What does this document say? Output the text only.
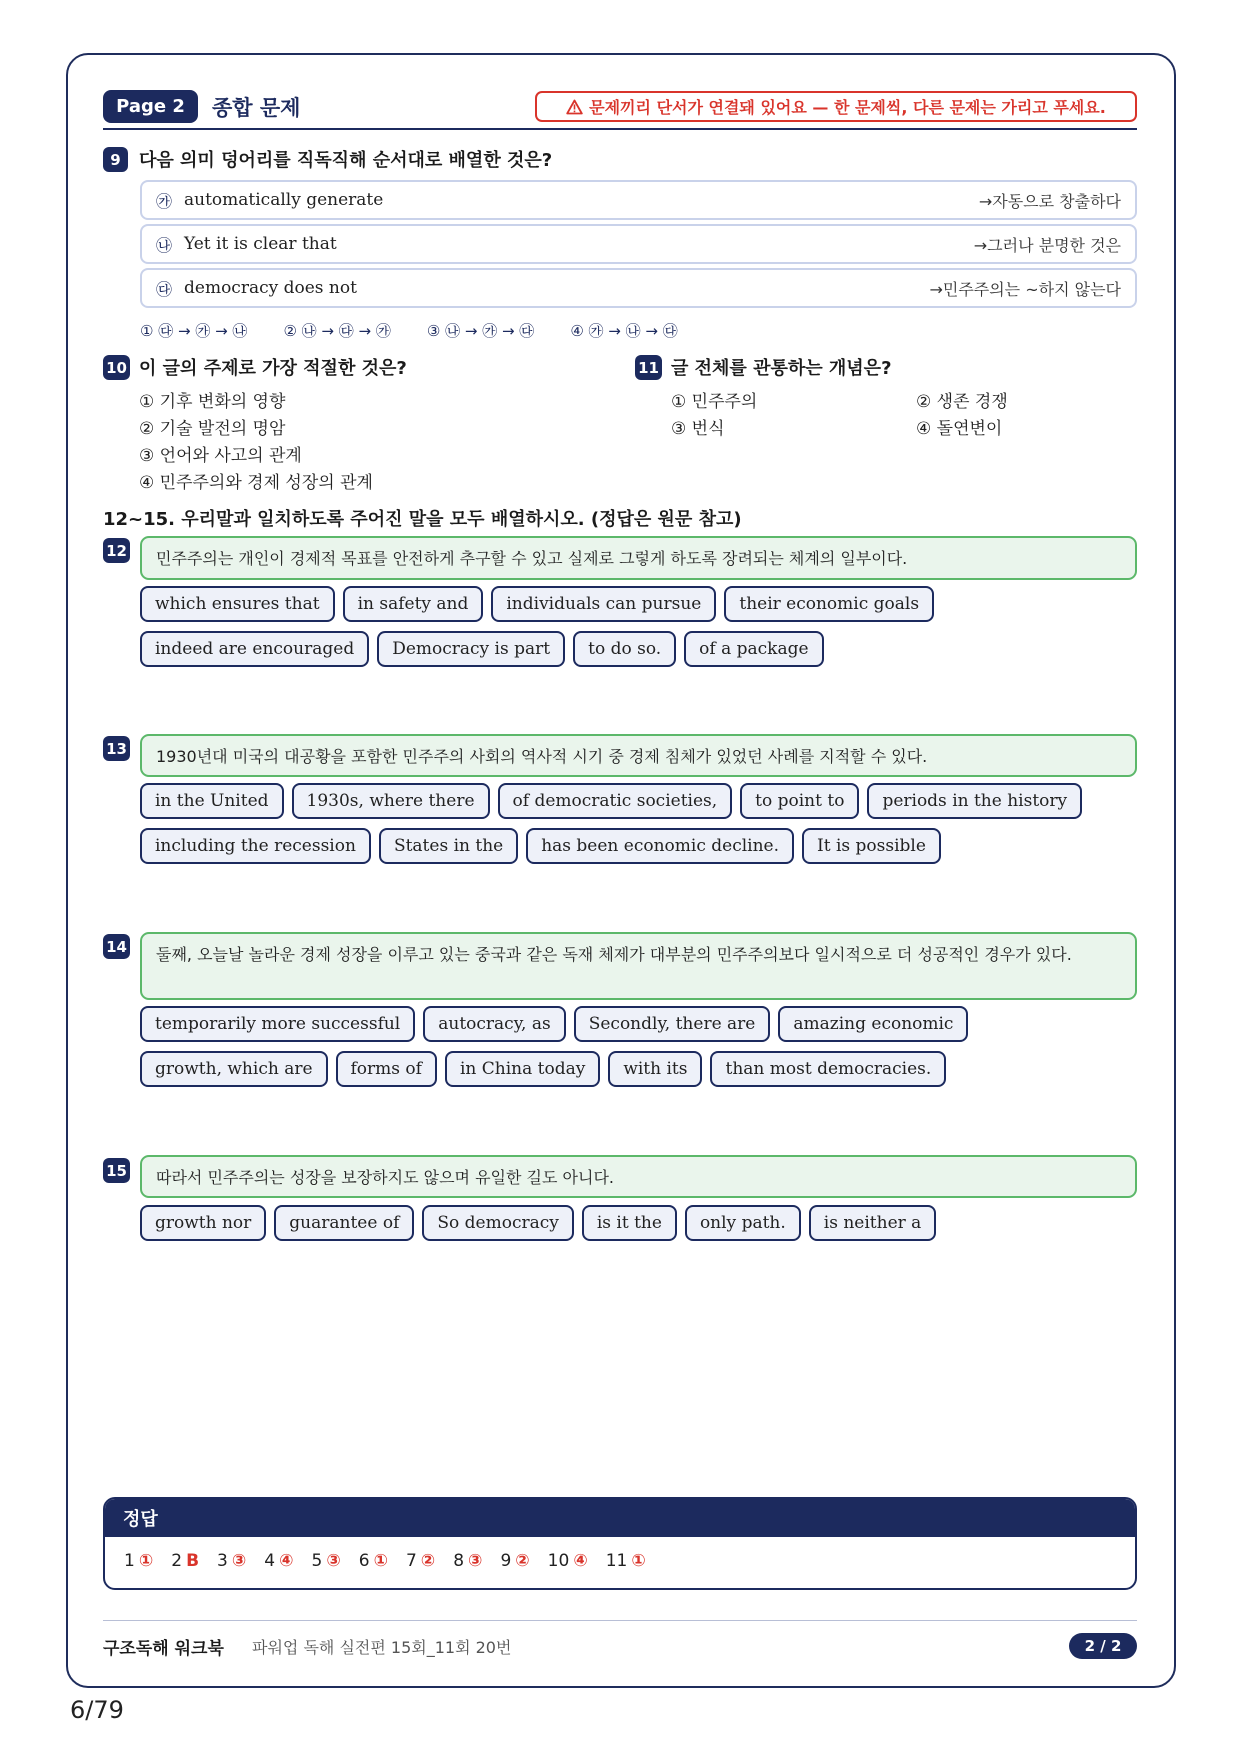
Page 2	종합 문제	문제끼리 단서가 연결돼 있어요 — 한 문제씩, 다른 문제는 가리고 푸세요.
9	다음 의미 덩어리를 직독직해 순서대로 배열한 것은?
㉮ automatically generate	→자동으로 창출하다
㉯ Yet it is clear that	→그러나 분명한 것은
㉰ democracy does not	→민주주의는 ~하지 않는다
① ㉰ → ㉮ → ㉯ ② ㉯ → ㉰ → ㉮ ③ ㉯ → ㉮ → ㉰ ④ ㉮ → ㉯ → ㉰
10 이 글의 주제로 가장 적절한 것은?
① 기후 변화의 영향
② 기술 발전의 명암
③ 언어와 사고의 관계
④ 민주주의와 경제 성장의 관계
11 글 전체를 관통하는 개념은?
① 민주주의	② 생존 경쟁
③ 번식	④ 돌연변이
12~15. 우리말과 일치하도록 주어진 말을 모두 배열하시오. (정답은 원문 참고)
12	민주주의는 개인이 경제적 목표를 안전하게 추구할 수 있고 실제로 그렇게 하도록 장려되는 체계의 일부이다.
which ensures that	in safety and	individuals can pursue	their economic goals
indeed are encouraged	Democracy is part	to do so.	of a package
13	1930년대 미국의 대공황을 포함한 민주주의 사회의 역사적 시기 중 경제 침체가 있었던 사례를 지적할 수 있다.
in the United	1930s, where there	of democratic societies,	to point to	periods in the history
including the recession	States in the	has been economic decline.	It is possible
14	둘째, 오늘날 놀라운 경제 성장을 이루고 있는 중국과 같은 독재 체제가 대부분의 민주주의보다 일시적으로 더 성공적인 경우가 있다.
temporarily more successful	autocracy, as	Secondly, there are	amazing economic
growth, which are	forms of	in China today	with its	than most democracies.
15	따라서 민주주의는 성장을 보장하지도 않으며 유일한 길도 아니다.
growth nor	guarantee of	So democracy	is it the	only path.	is neither a
정답
1 ① 2 B 3 ③ 4 ④ 5 ③ 6 ① 7 ② 8 ③ 9 ② 10 ④ 11 ①
구조독해 워크북 파워업 독해 실전편 15회_11회 20번	2 / 2
6/79
